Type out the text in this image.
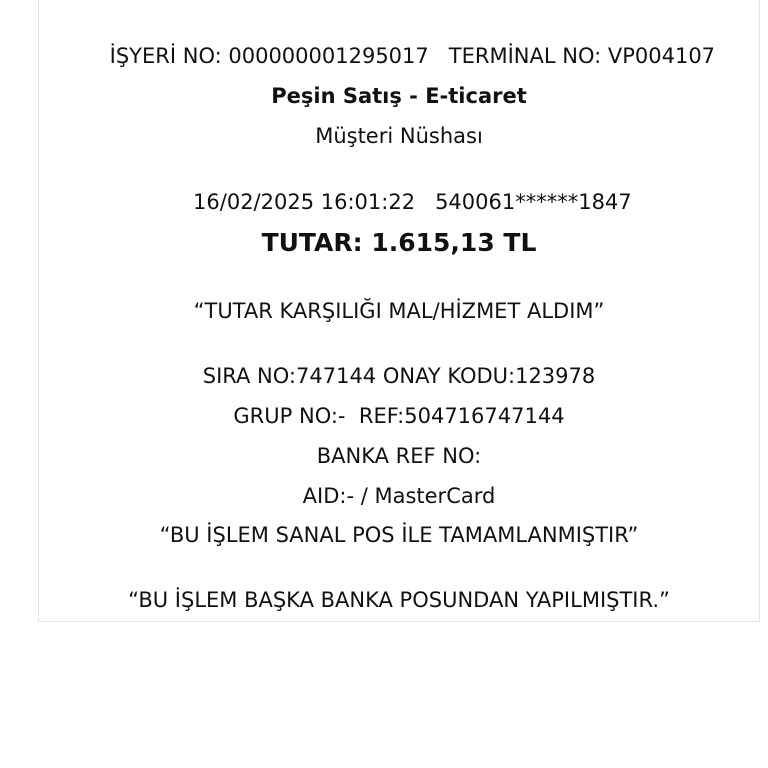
İŞYERİ NO: 000000001295017 TERMİNAL NO: VP004107

Peşin Satış - E-ticaret
Müşteri Nüshası

16/02/2025 16:01:22 540061******1847

TUTAR: 1.615,13 TL
“TUTAR KARŞILIĞI MAL/HİZMET ALDIM”
SIRA NO:747144 ONAY KODU:123978
GRUP NO:-  REF:504716747144
BANKA REF NO:
AID:- / MasterCard
“BU İŞLEM SANAL POS İLE TAMAMLANMIŞTIR”
“BU İŞLEM BAŞKA BANKA POSUNDAN YAPILMIŞTIR.”
